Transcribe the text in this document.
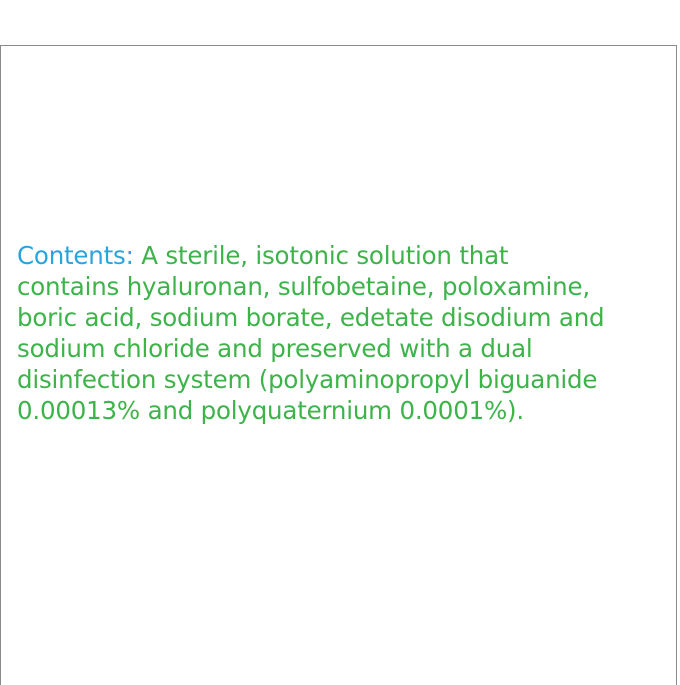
Contents: A sterile, isotonic solution that
contains hyaluronan, sulfobetaine, poloxamine,
boric acid, sodium borate, edetate disodium and
sodium chloride and preserved with a dual
disinfection system (polyaminopropyl biguanide
0.00013% and polyquaternium 0.0001%).
